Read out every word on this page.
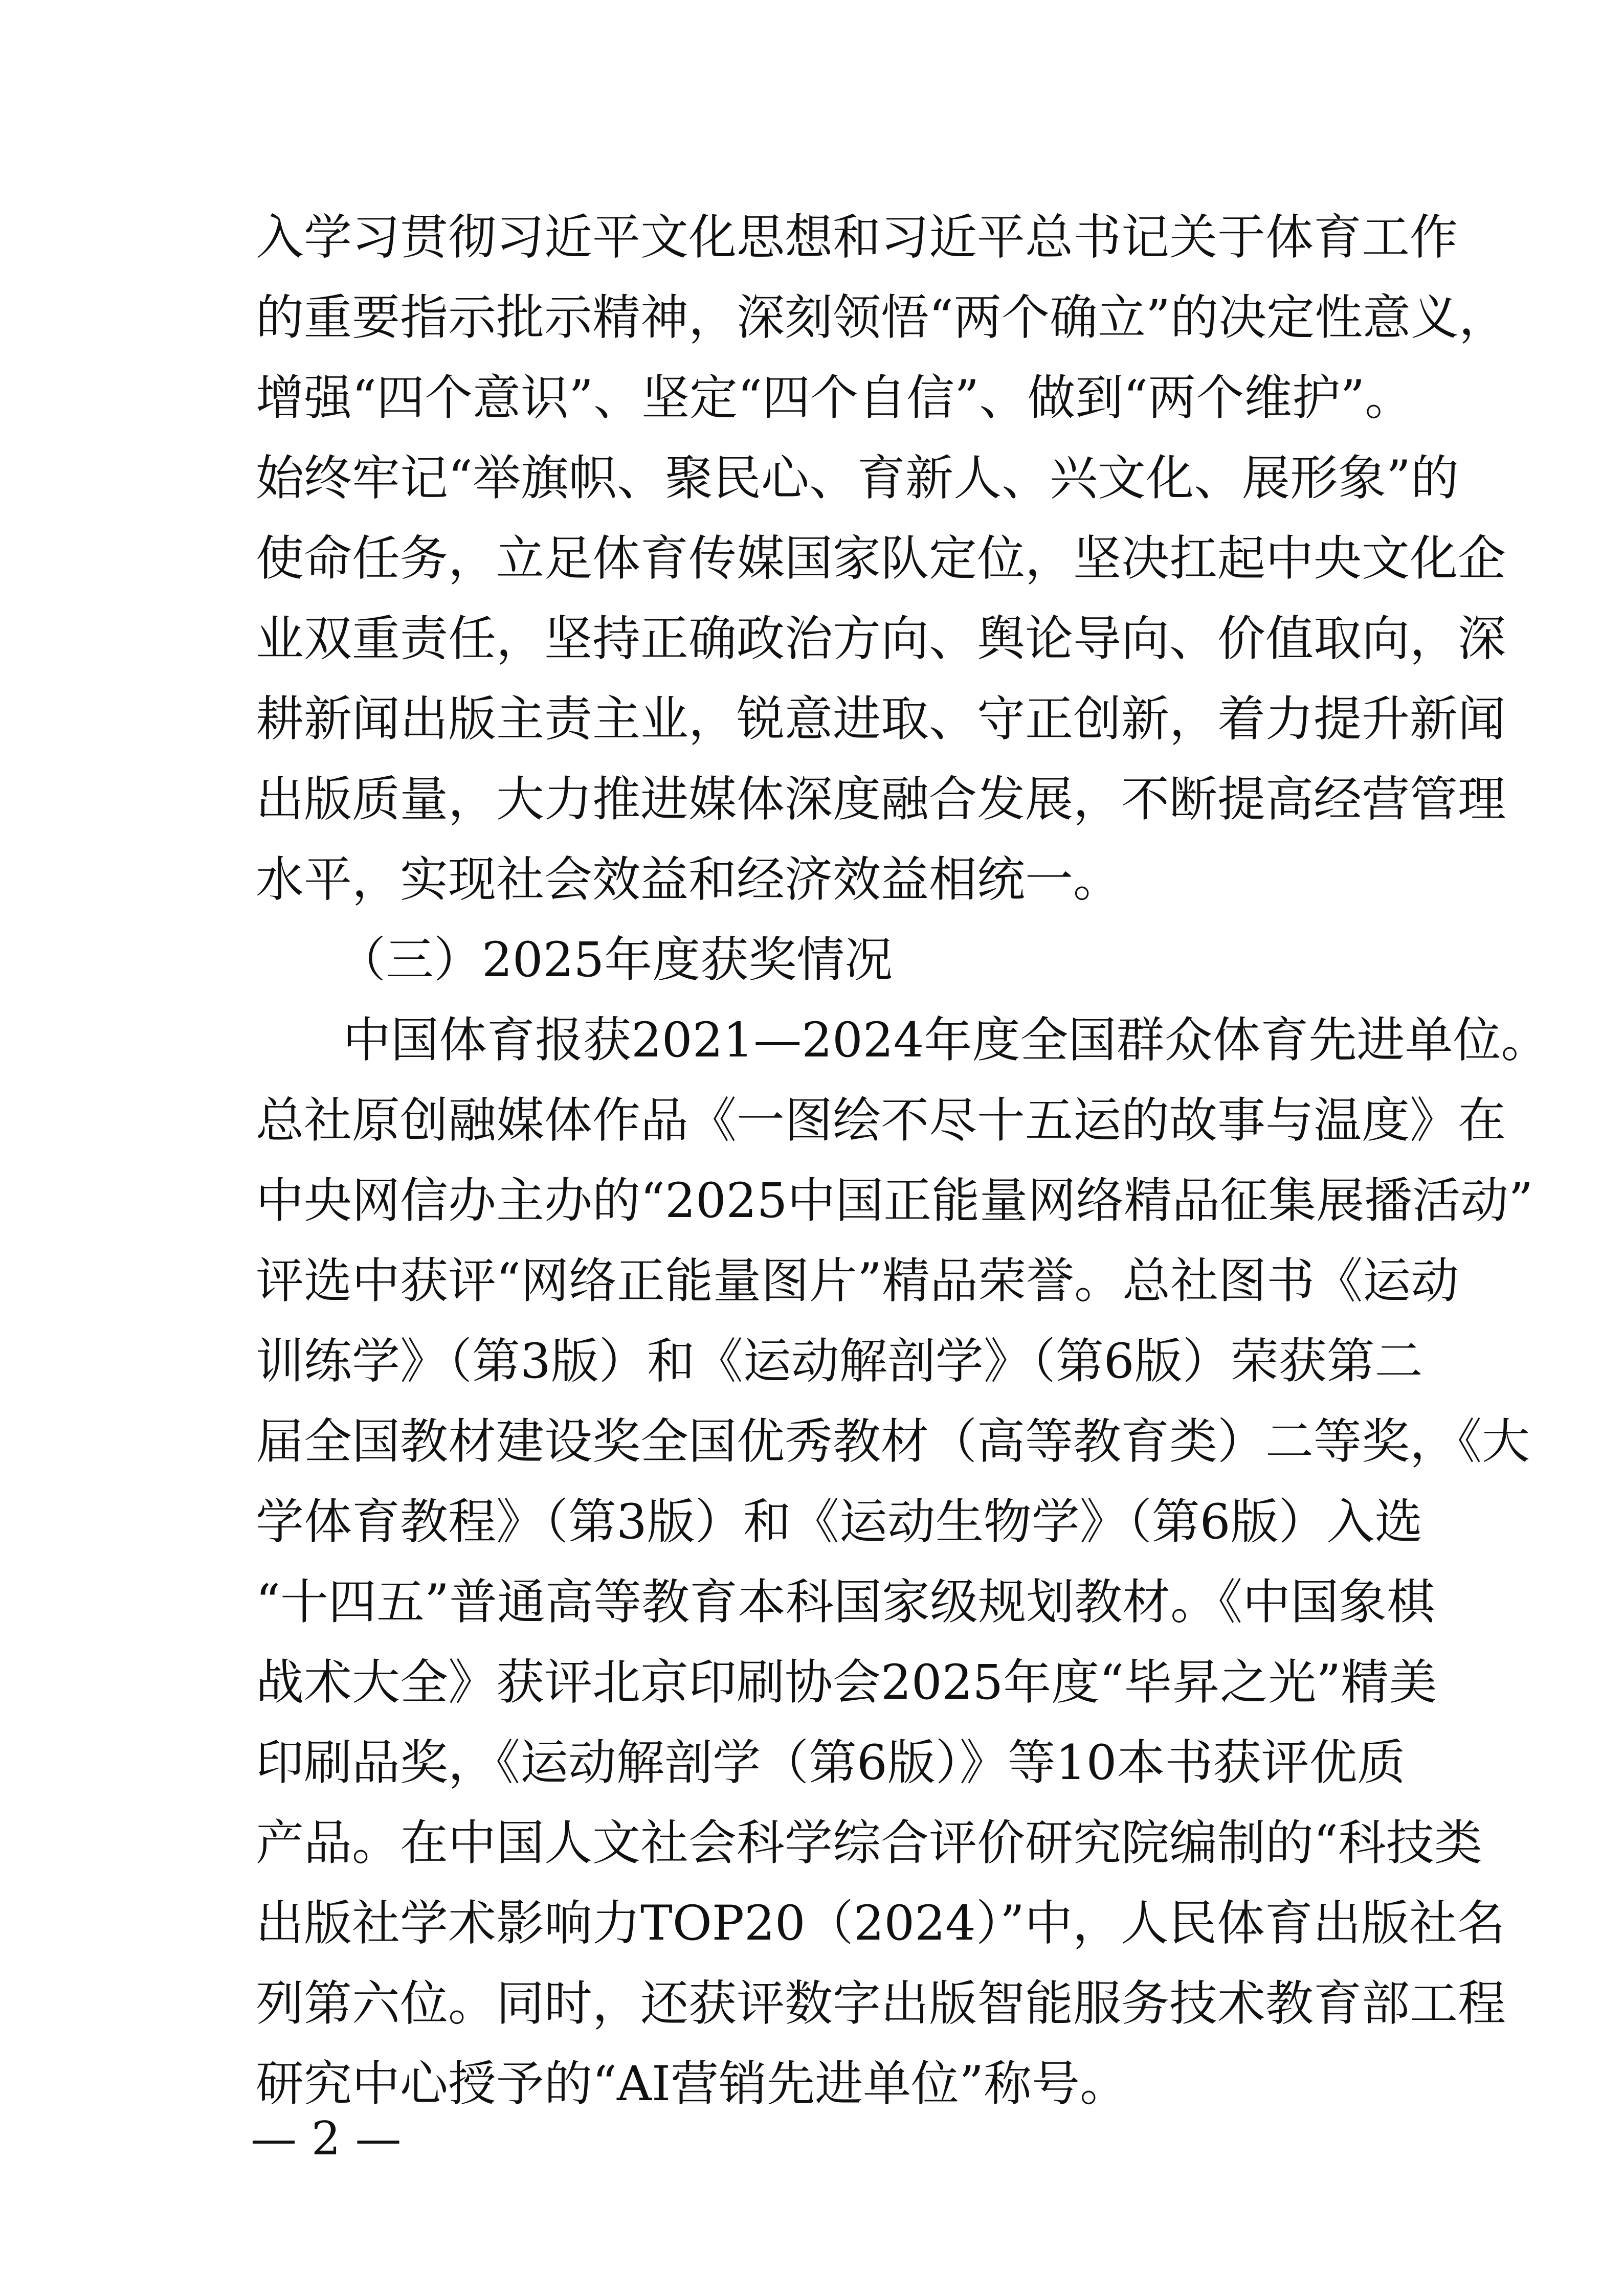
入学习贯彻习近平文化思想和习近平总书记关于体育工作
的重要指示批示精神，深刻领悟“两个确立”的决定性意义，
增强“四个意识”、坚定“四个自信”、做到“两个维护”。
始终牢记“举旗帜、聚民心、育新人、兴文化、展形象”的
使命任务，立足体育传媒国家队定位，坚决扛起中央文化企
业双重责任，坚持正确政治方向、舆论导向、价值取向，深
耕新闻出版主责主业，锐意进取、守正创新，着力提升新闻
出版质量，大力推进媒体深度融合发展，不断提高经营管理
水平，实现社会效益和经济效益相统一。
（三）2025年度获奖情况
中国体育报获2021—2024年度全国群众体育先进单位。
总社原创融媒体作品《一图绘不尽十五运的故事与温度》在
中央网信办主办的“2025中国正能量网络精品征集展播活动”
评选中获评“网络正能量图片”精品荣誉。总社图书《运动
训练学》（第3版）和《运动解剖学》（第6版）荣获第二
届全国教材建设奖全国优秀教材（高等教育类）二等奖，《大
学体育教程》（第3版）和《运动生物学》（第6版）入选
“十四五”普通高等教育本科国家级规划教材。《中国象棋
战术大全》获评北京印刷协会2025年度“毕昇之光”精美
印刷品奖，《运动解剖学（第6版）》等10本书获评优质
产品。在中国人文社会科学综合评价研究院编制的“科技类
出版社学术影响力TOP20（2024）”中，人民体育出版社名
列第六位。同时，还获评数字出版智能服务技术教育部工程
研究中心授予的“AI营销先进单位”称号。
— 2 —
